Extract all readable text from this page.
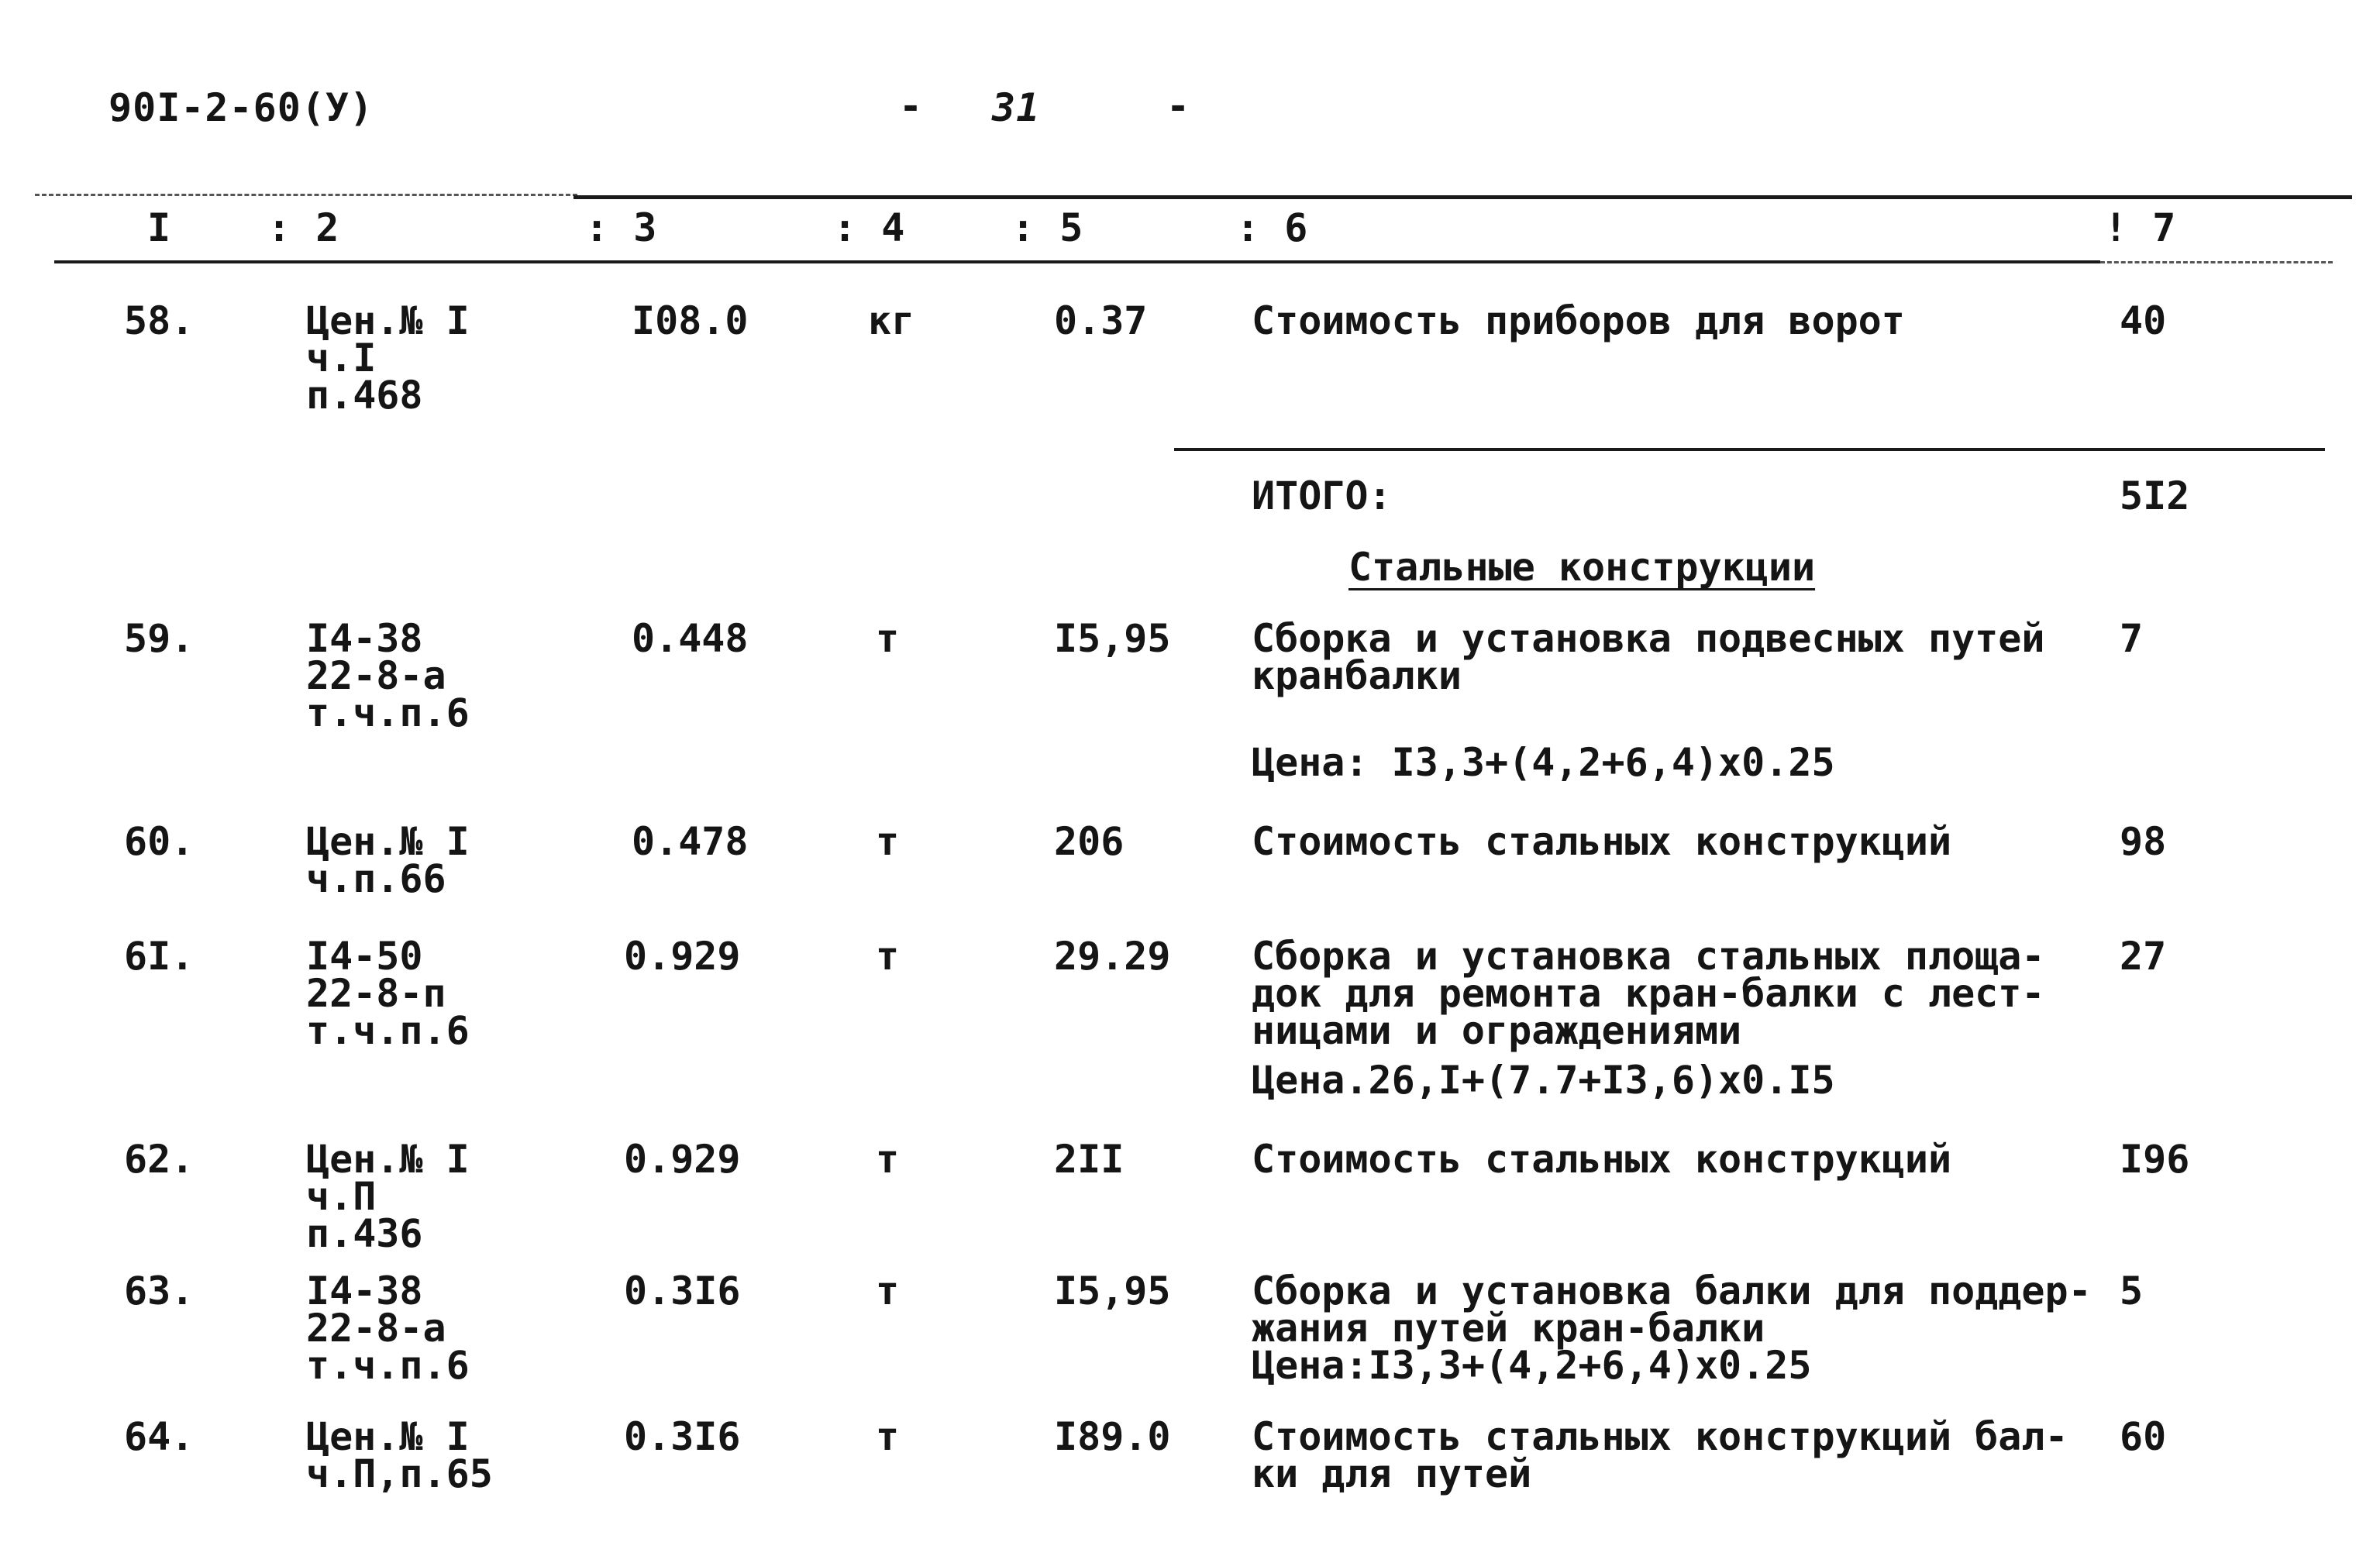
90I-2-60(У)	- 31	-
I : 2	: 3	: 4	: 5	: 6	! 7
58.	Цен.№ I
ч.I
п.468
I08.0	кг	0.37	Стоимость приборов для ворот	40
ИТОГО:	5I2
Стальные конструкции
59.	I4-38
22-8-а
т.ч.п.6
0.448	т	I5,95 Сборка и установка подвесных путей
кранбалки
Цена: I3,3+(4,2+6,4)х0.25
7
60.	Цен.№ I
ч.п.66
0.478	т	206	Стоимость стальных конструкций	98
6I.	I4-50
22-8-п
т.ч.п.6
0.929	т	29.29 Сборка и установка стальных площа-
док для ремонта кран-балки с лест-
ницами и ограждениями
Цена.26,I+(7.7+I3,6)х0.I5
27
62.	Цен.№ I
ч.П
п.436
0.929	т	2II	Стоимость стальных конструкций	I96
63.	I4-38
22-8-а
т.ч.п.6
0.3I6	т	I5,95 Сборка и установка балки для поддер-
жания путей кран-балки
Цена:I3,3+(4,2+6,4)х0.25
5
64.	Цен.№ I
ч.П,п.65
0.3I6	т	I89.0 Стоимость стальных конструкций бал-
ки для путей
60
